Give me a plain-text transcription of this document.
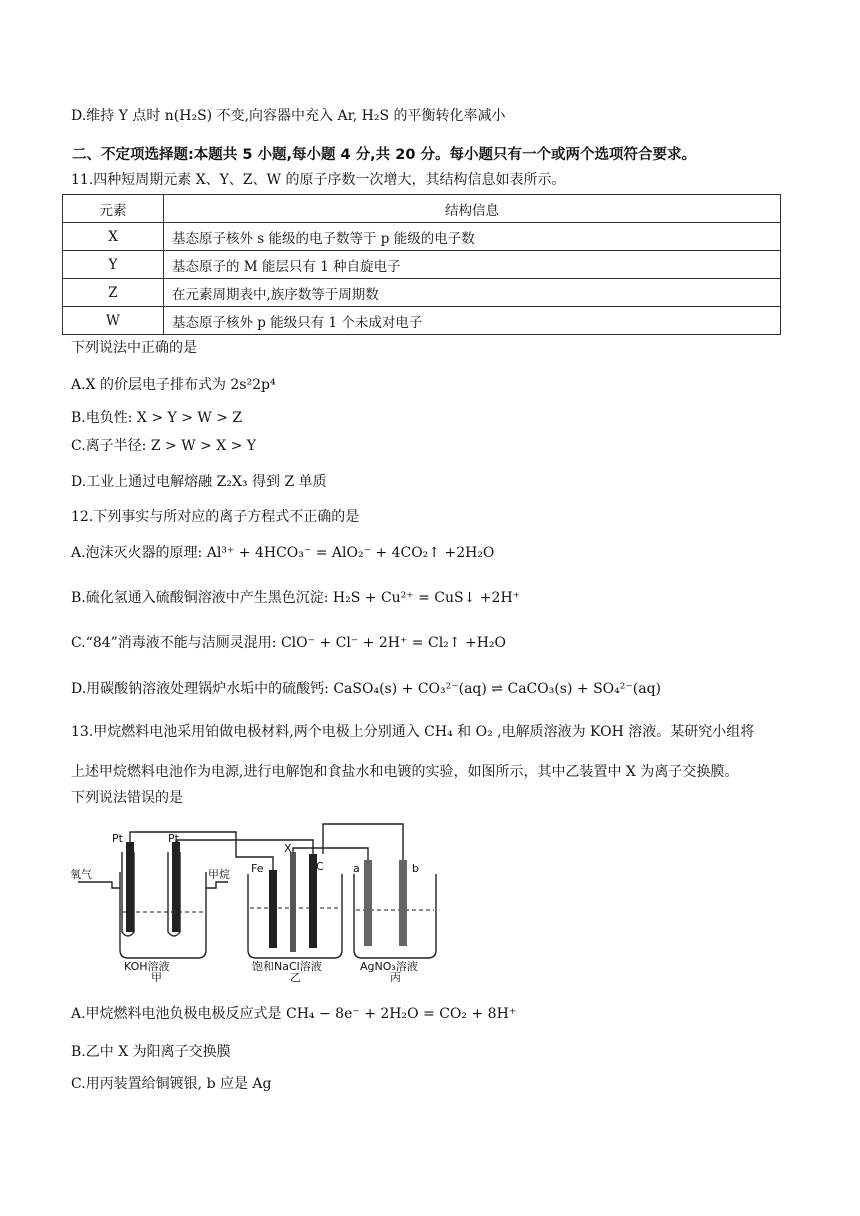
D.维持 Y 点时 n(H₂S) 不变,向容器中充入 Ar, H₂S 的平衡转化率减小
二、不定项选择题:本题共 5 小题,每小题 4 分,共 20 分。每小题只有一个或两个选项符合要求。
11.四种短周期元素 X、Y、Z、W 的原子序数一次增大，其结构信息如表所示。
元素	结构信息
X	基态原子核外 s 能级的电子数等于 p 能级的电子数
Y	基态原子的 M 能层只有 1 种自旋电子
Z	在元素周期表中,族序数等于周期数
W	基态原子核外 p 能级只有 1 个未成对电子
下列说法中正确的是
A.X 的价层电子排布式为 2s²2p⁴
B.电负性: X > Y > W > Z
C.离子半径: Z > W > X > Y
D.工业上通过电解熔融 Z₂X₃ 得到 Z 单质
12.下列事实与所对应的离子方程式不正确的是
A.泡沫灭火器的原理: Al³⁺ + 4HCO₃⁻ = AlO₂⁻ + 4CO₂↑ +2H₂O
B.硫化氢通入硫酸铜溶液中产生黑色沉淀: H₂S + Cu²⁺ = CuS↓ +2H⁺
C.“84”消毒液不能与洁厕灵混用: ClO⁻ + Cl⁻ + 2H⁺ = Cl₂↑ +H₂O
D.用碳酸钠溶液处理锅炉水垢中的硫酸钙: CaSO₄(s) + CO₃²⁻(aq) ⇌ CaCO₃(s) + SO₄²⁻(aq)
13.甲烷燃料电池采用铂做电极材料,两个电极上分别通入 CH₄ 和 O₂ ,电解质溶液为 KOH 溶液。某研究小组将
上述甲烷燃料电池作为电源,进行电解饱和食盐水和电镀的实验，如图所示，其中乙装置中 X 为离子交换膜。
下列说法错误的是
Pt	Pt
氧气	甲烷 Fe
X
C	a	b
KOH溶液
甲
饱和NaCl溶液
乙
AgNO₃溶液
丙
A.甲烷燃料电池负极电极反应式是 CH₄ − 8e⁻ + 2H₂O = CO₂ + 8H⁺
B.乙中 X 为阳离子交换膜
C.用丙装置给铜镀银, b 应是 Ag
